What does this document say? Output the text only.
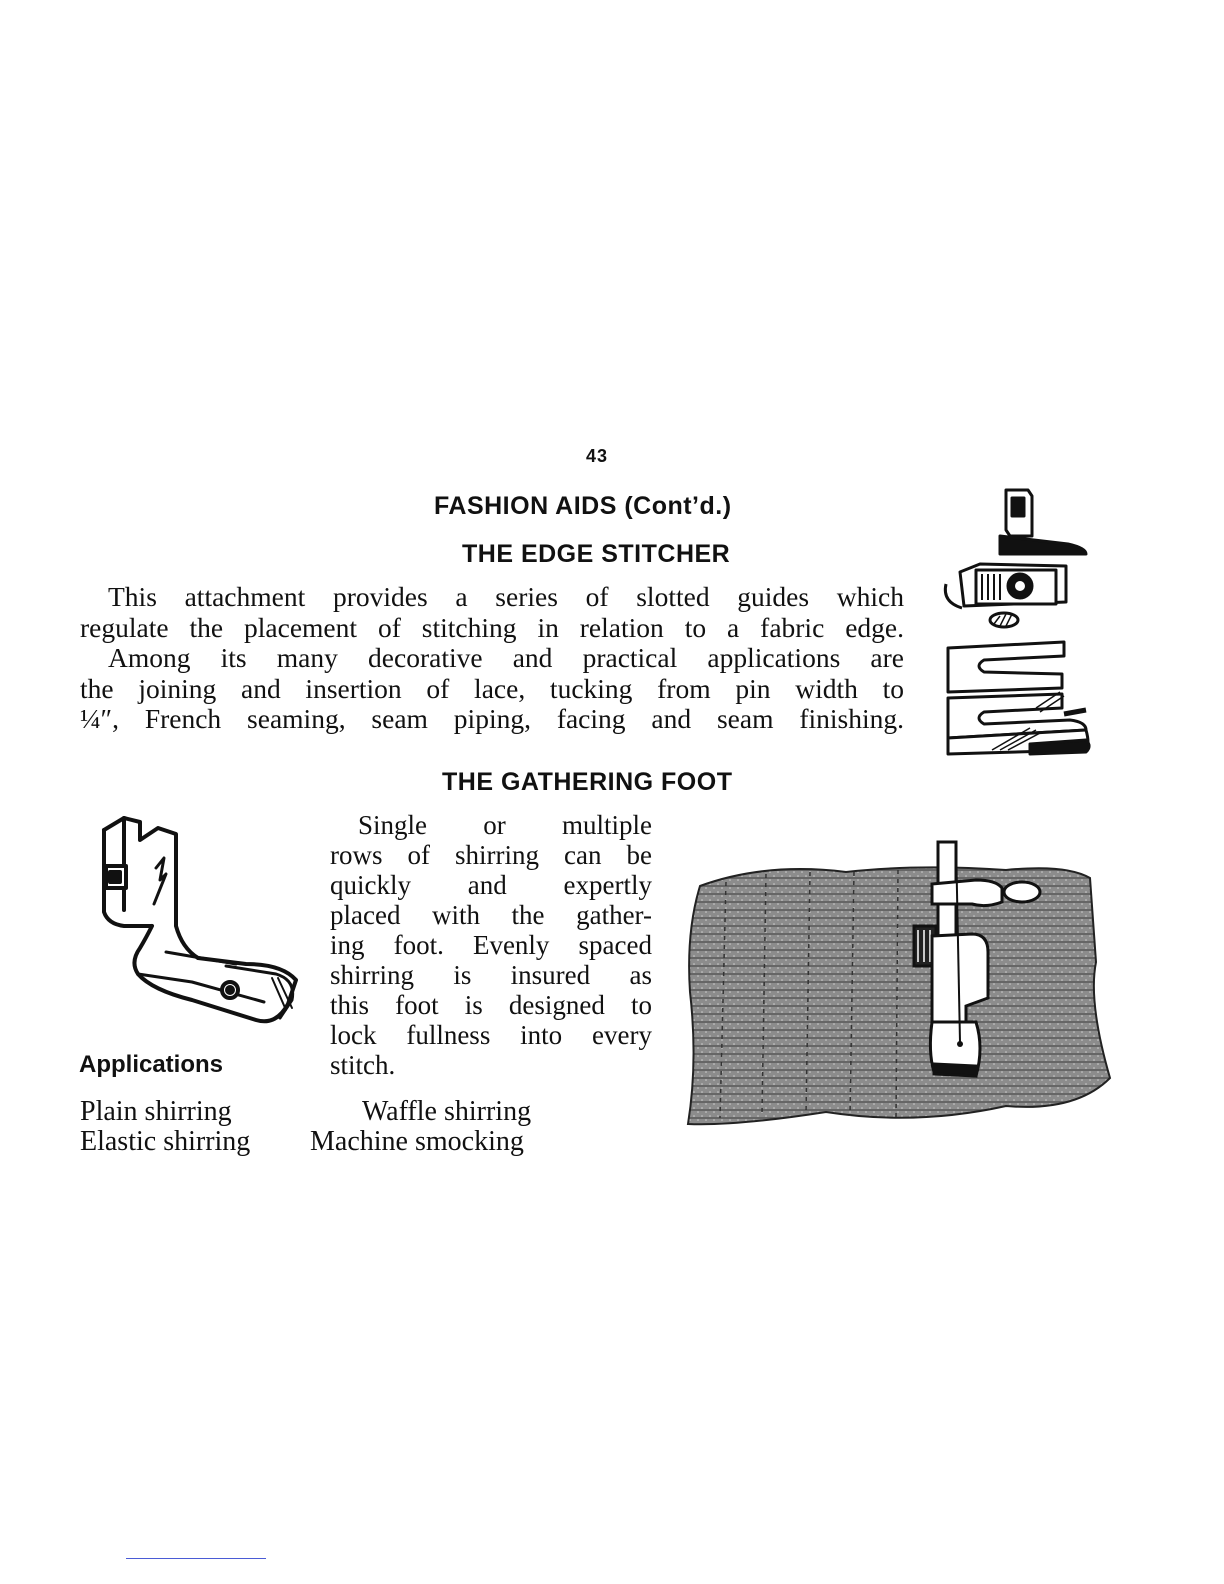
43
FASHION AIDS (Cont’d.)
THE EDGE STITCHER
This attachment provides a series of slotted guides which
regulate the placement of stitching in relation to a fabric edge.
Among its many decorative and practical applications are
the joining and insertion of lace, tucking from pin width to
¼″, French seaming, seam piping, facing and seam finishing.
THE GATHERING FOOT
Single or multiple
rows of shirring can be
quickly and expertly
placed with the gather-
ing foot. Evenly spaced
shirring is insured as
this foot is designed to
lock fullness into every
stitch.
Applications
Plain shirring
Elastic shirring
Waffle shirring
Machine smocking
